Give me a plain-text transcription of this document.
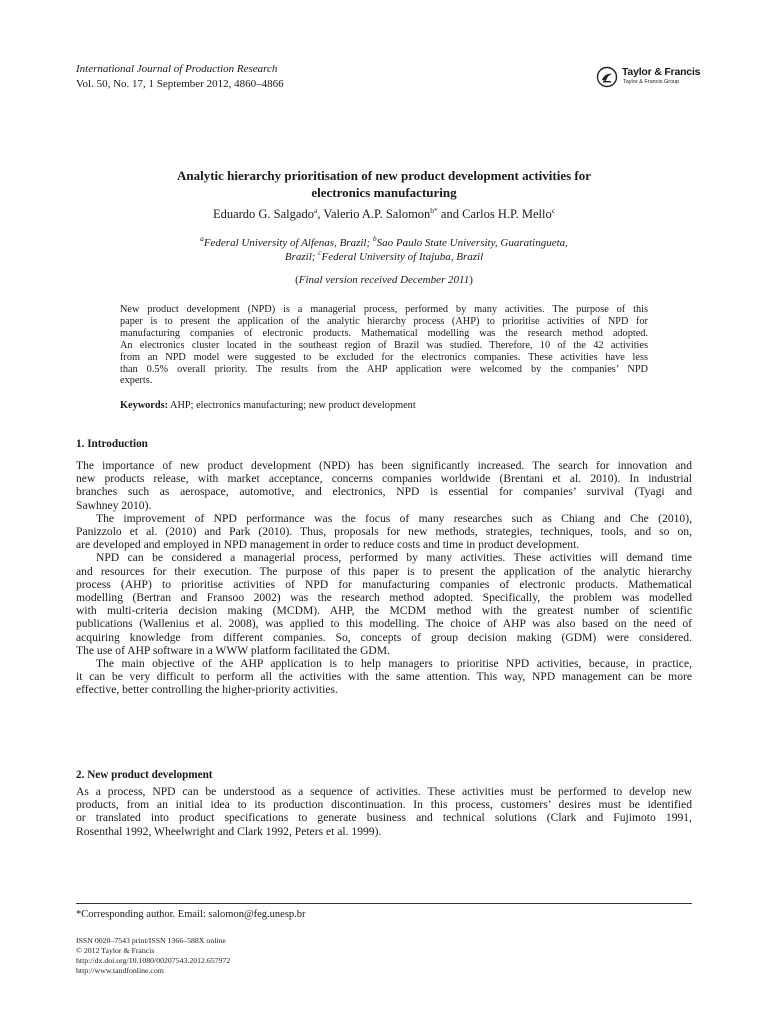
International Journal of Production Research
Vol. 50, No. 17, 1 September 2012, 4860–4866
Taylor & Francis
Taylor & Francis Group
Analytic hierarchy prioritisation of new product development activities for
electronics manufacturing
Eduardo G. Salgado$^a$, Valerio A.P. Salomon$^{b*}$ and Carlos H.P. Mello$^c$
$^a$Federal University of Alfenas, Brazil; $^b$Sao Paulo State University, Guaratingueta,
Brazil; $^c$Federal University of Itajuba, Brazil
(Final version received December 2011)
New product development (NPD) is a managerial process, performed by many activities. The purpose of this
paper is to present the application of the analytic hierarchy process (AHP) to prioritise activities of NPD for
manufacturing companies of electronic products. Mathematical modelling was the research method adopted.
An electronics cluster located in the southeast region of Brazil was studied. Therefore, 10 of the 42 activities
from an NPD model were suggested to be excluded for the electronics companies. These activities have less
than 0.5% overall priority. The results from the AHP application were welcomed by the companies’ NPD
experts.
Keywords: AHP; electronics manufacturing; new product development
1. Introduction
The importance of new product development (NPD) has been significantly increased. The search for innovation and
new products release, with market acceptance, concerns companies worldwide (Brentani et al. 2010). In industrial
branches such as aerospace, automotive, and electronics, NPD is essential for companies’ survival (Tyagi and
Sawhney 2010).
The improvement of NPD performance was the focus of many researches such as Chiang and Che (2010),
Panizzolo et al. (2010) and Park (2010). Thus, proposals for new methods, strategies, techniques, tools, and so on,
are developed and employed in NPD management in order to reduce costs and time in product development.
NPD can be considered a managerial process, performed by many activities. These activities will demand time
and resources for their execution. The purpose of this paper is to present the application of the analytic hierarchy
process (AHP) to prioritise activities of NPD for manufacturing companies of electronic products. Mathematical
modelling (Bertran and Fransoo 2002) was the research method adopted. Specifically, the problem was modelled
with multi-criteria decision making (MCDM). AHP, the MCDM method with the greatest number of scientific
publications (Wallenius et al. 2008), was applied to this modelling. The choice of AHP was also based on the need of
acquiring knowledge from different companies. So, concepts of group decision making (GDM) were considered.
The use of AHP software in a WWW platform facilitated the GDM.
The main objective of the AHP application is to help managers to prioritise NPD activities, because, in practice,
it can be very difficult to perform all the activities with the same attention. This way, NPD management can be more
effective, better controlling the higher-priority activities.
2. New product development
As a process, NPD can be understood as a sequence of activities. These activities must be performed to develop new
products, from an initial idea to its production discontinuation. In this process, customers’ desires must be identified
or translated into product specifications to generate business and technical solutions (Clark and Fujimoto 1991,
Rosenthal 1992, Wheelwright and Clark 1992, Peters et al. 1999).
*Corresponding author. Email: salomon@feg.unesp.br
ISSN 0020–7543 print/ISSN 1366–588X online
© 2012 Taylor & Francis
http://dx.doi.org/10.1080/00207543.2012.657972
http://www.tandfonline.com
